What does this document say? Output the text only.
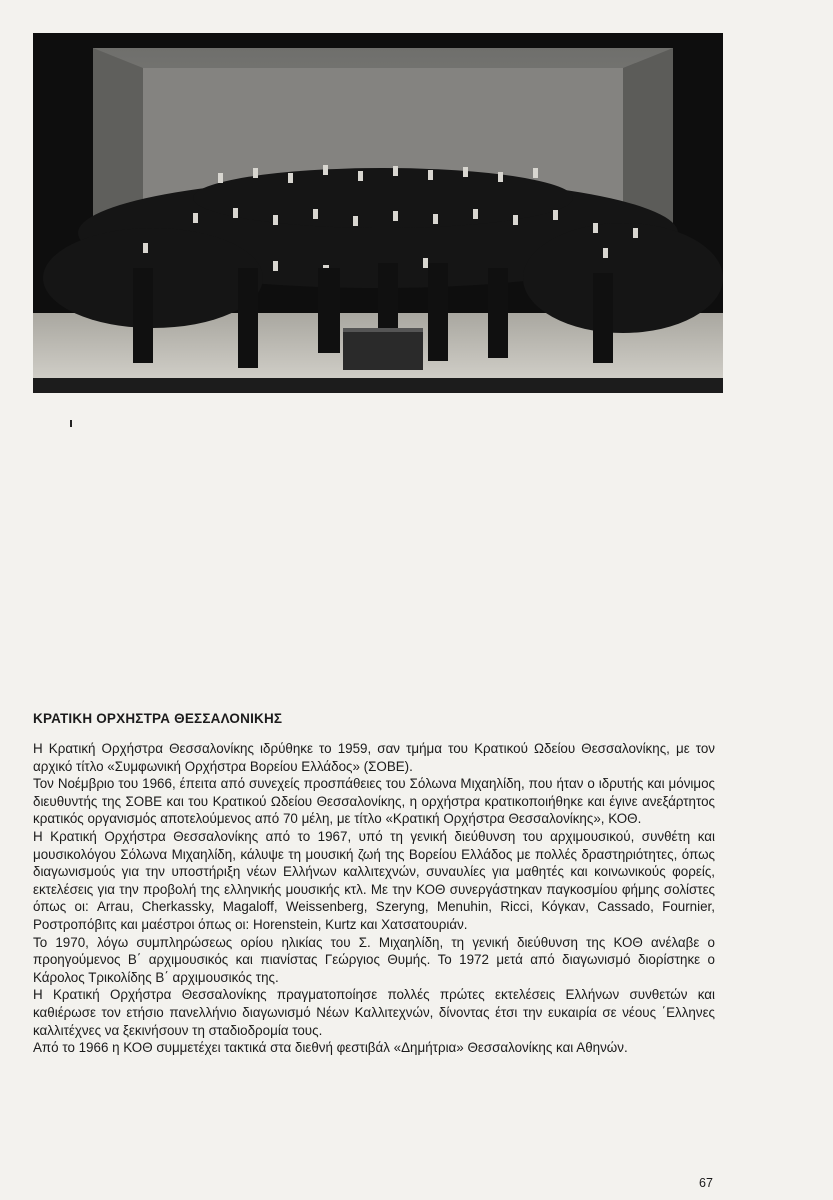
ΚΡΑΤΙΚΗ ΟΡΧΗΣΤΡΑ ΘΕΣΣΑΛΟΝΙΚΗΣ

Η Κρατική Ορχήστρα Θεσσαλονίκης ιδρύθηκε το 1959, σαν τμήμα του Κρατικού Ωδείου Θεσσαλονίκης, με τον αρχικό τίτλο «Συμφωνική Ορχήστρα Βορείου Ελλάδος» (ΣΟΒΕ).

Τον Νοέμβριο του 1966, έπειτα από συνεχείς προσπάθειες του Σόλωνα Μιχαηλίδη, που ήταν ο ιδρυτής και μόνιμος διευθυντής της ΣΟΒΕ και του Κρατικού Ωδείου Θεσσαλονίκης, η ορχήστρα κρατικοποιήθηκε και έγινε ανεξάρτητος κρατικός οργανισμός αποτελούμενος από 70 μέλη, με τίτλο «Κρατική Ορχήστρα Θεσσαλονίκης», ΚΟΘ.

Η Κρατική Ορχήστρα Θεσσαλονίκης από το 1967, υπό τη γενική διεύθυνση του αρχιμουσικού, συνθέτη και μουσικολόγου Σόλωνα Μιχαηλίδη, κάλυψε τη μουσική ζωή της Βορείου Ελλάδος με πολλές δραστηριότητες, όπως διαγωνισμούς για την υποστήριξη νέων Ελλήνων καλλιτεχνών, συναυλίες για μαθητές και κοινωνικούς φορείς, εκτελέσεις για την προβολή της ελληνικής μουσικής κτλ. Με την ΚΟΘ συνεργάστηκαν παγκοσμίου φήμης σολίστες όπως οι: Arrau, Cherkassky, Magaloff, Weissenberg, Szeryng, Menuhin, Ricci, Κόγκαν, Cassado, Fournier, Ροστροπόβιτς και μαέστροι όπως οι: Horenstein, Kurtz και Χατσατουριάν.

Το 1970, λόγω συμπληρώσεως ορίου ηλικίας του Σ. Μιχαηλίδη, τη γενική διεύθυνση της ΚΟΘ ανέλαβε ο προηγούμενος Β΄ αρχιμουσικός και πιανίστας Γεώργιος Θυμής. Το 1972 μετά από διαγωνισμό διορίστηκε ο Κάρολος Τρικολίδης Β΄ αρχιμουσικός της.

Η Κρατική Ορχήστρα Θεσσαλονίκης πραγματοποίησε πολλές πρώτες εκτελέσεις Ελλήνων συνθετών και καθιέρωσε τον ετήσιο πανελλήνιο διαγωνισμό Νέων Καλλιτεχνών, δίνοντας έτσι την ευκαιρία σε νέους ΄Ελληνες καλλιτέχνες να ξεκινήσουν τη σταδιοδρομία τους.

Από το 1966 η ΚΟΘ συμμετέχει τακτικά στα διεθνή φεστιβάλ «Δημήτρια» Θεσσαλονίκης και Αθηνών.

67
